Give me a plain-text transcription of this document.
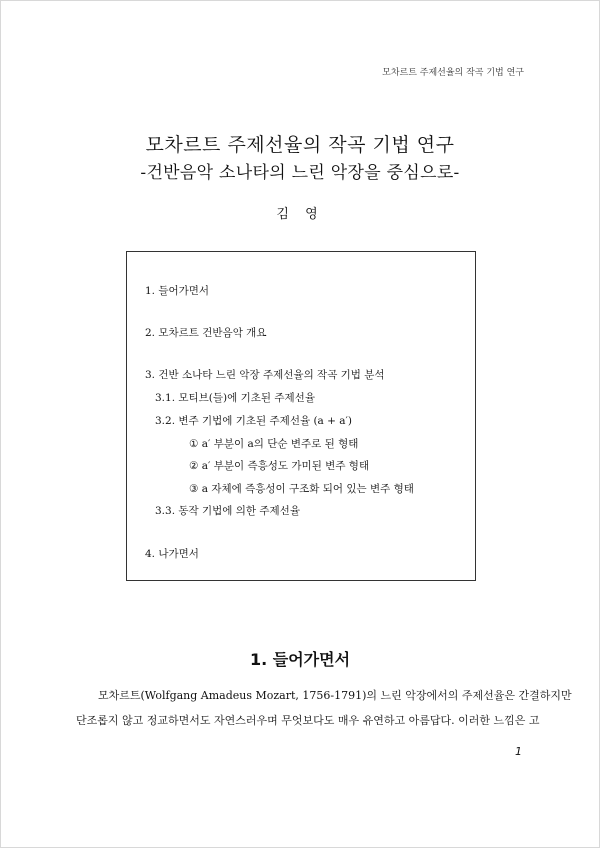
모차르트 주제선율의 작곡 기법 연구
모차르트 주제선율의 작곡 기법 연구
-건반음악 소나타의 느린 악장을 중심으로-
김 영
1. 들어가면서
2. 모차르트 건반음악 개요
3. 건반 소나타 느린 악장 주제선율의 작곡 기법 분석
3.1. 모티브(들)에 기초된 주제선율
3.2. 변주 기법에 기초된 주제선율 (a + a′)
① a′ 부분이 a의 단순 변주로 된 형태
② a′ 부분이 즉흥성도 가미된 변주 형태
③ a 자체에 즉흥성이 구조화 되어 있는 변주 형태
3.3. 동작 기법에 의한 주제선율
4. 나가면서
1. 들어가면서
모차르트(Wolfgang Amadeus Mozart, 1756-1791)의 느린 악장에서의 주제선율은 간결하지만
단조롭지 않고 정교하면서도 자연스러우며 무엇보다도 매우 유연하고 아름답다. 이러한 느낌은 고
1
